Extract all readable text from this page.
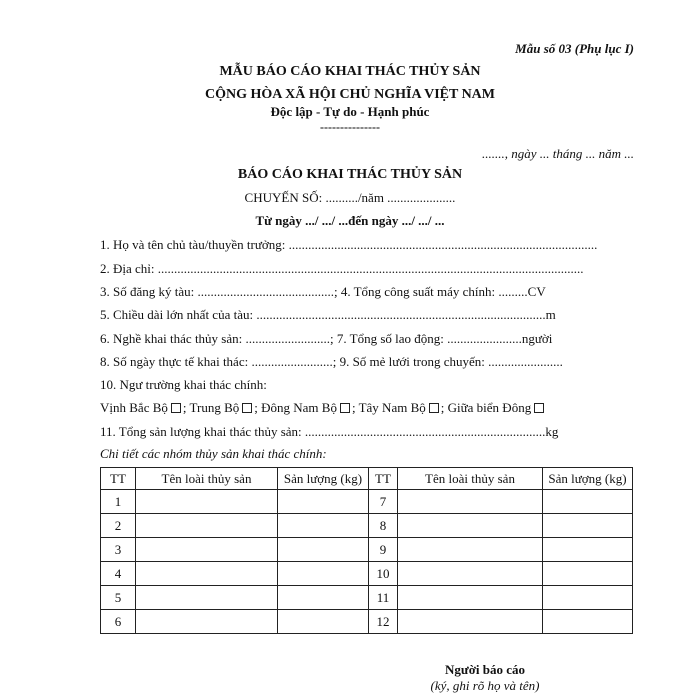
Mẫu số 03 (Phụ lục I)
MẪU BÁO CÁO KHAI THÁC THỦY SẢN
CỘNG HÒA XÃ HỘI CHỦ NGHĨA VIỆT NAM
Độc lập - Tự do - Hạnh phúc
---------------
......., ngày ... tháng ... năm ...
BÁO CÁO KHAI THÁC THỦY SẢN
CHUYẾN SỐ: ........../năm .....................
Từ ngày .../ .../ ...đến ngày .../ .../ ...
1. Họ và tên chủ tàu/thuyền trưởng: ...............................................................................................
2. Địa chỉ: ...................................................................................................................................
3. Số đăng ký tàu: ..........................................; 4. Tổng công suất máy chính: .........CV
5. Chiều dài lớn nhất của tàu: .........................................................................................m
6. Nghề khai thác thủy sản: ..........................; 7. Tổng số lao động: .......................người
8. Số ngày thực tế khai thác: .........................; 9. Số mẻ lưới trong chuyến: .......................
10. Ngư trường khai thác chính:
Vịnh Bắc Bộ ; Trung Bộ ; Đông Nam Bộ ; Tây Nam Bộ ; Giữa biển Đông
11. Tổng sản lượng khai thác thủy sản: ..........................................................................kg
Chi tiết các nhóm thủy sản khai thác chính:
TT	Tên loài thủy sản	Sản lượng (kg)	TT	Tên loài thủy sản	Sản lượng (kg)
1			7		
2			8		
3			9		
4			10		
5			11		
6			12		
Người báo cáo
(ký, ghi rõ họ và tên)
